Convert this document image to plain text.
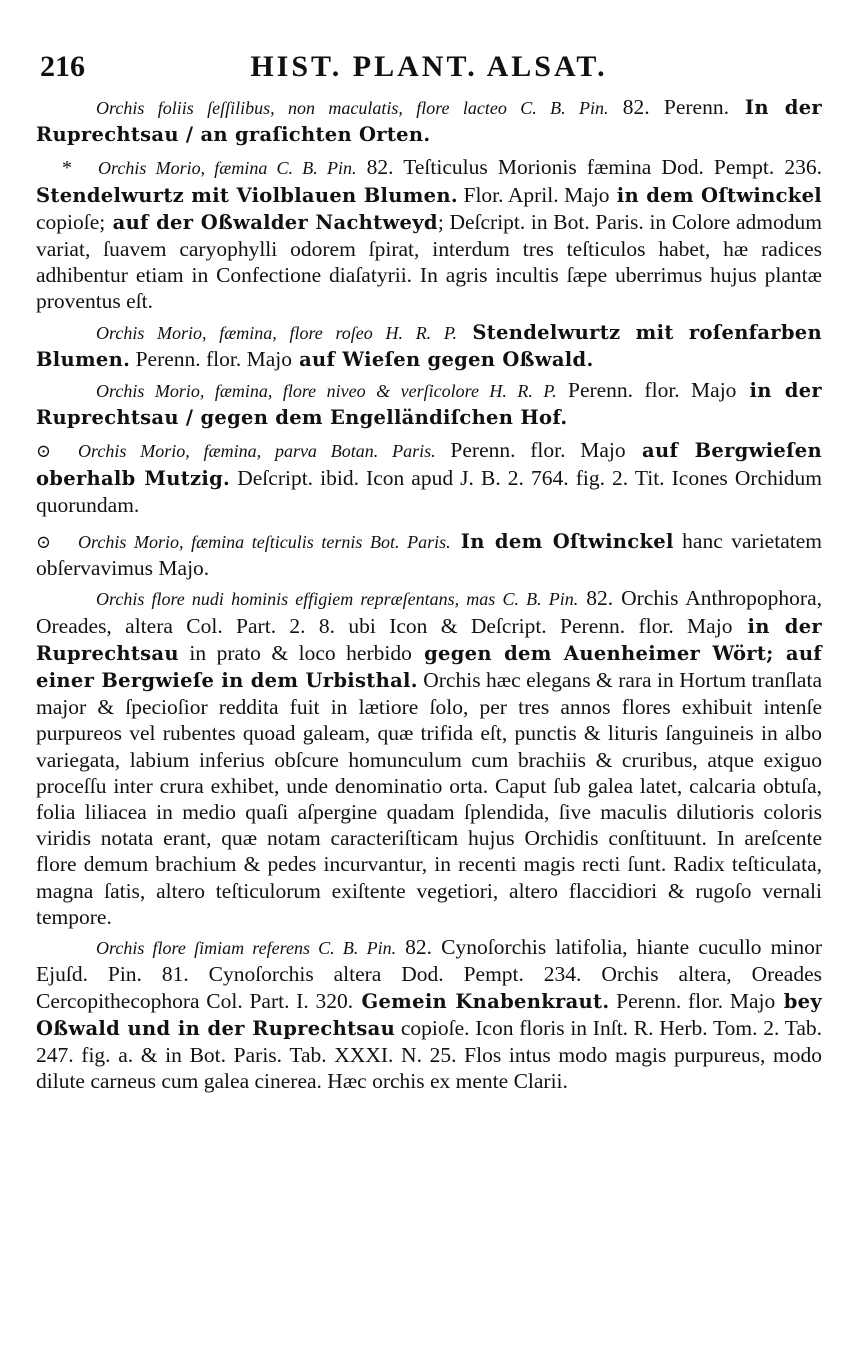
216	HIST. PLANT. ALSAT.

Orchis foliis ſeſſilibus, non maculatis, flore lacteo C. B. Pin. 82. Perenn. In der Ruprechtsau / an graſichten Orten.

* Orchis Morio, fæmina C. B. Pin. 82. Teſticulus Morionis fæmina Dod. Pempt. 236. Stendelwurtz mit Violblauen Blumen. Flor. April. Majo in dem Oſtwinckel copioſe; auf der Oßwalder Nachtweyd; Deſcript. in Bot. Paris. in Colore admodum variat, ſuavem caryophylli odorem ſpirat, interdum tres teſticulos habet, hæ radices adhibentur etiam in Confectione diaſatyrii. In agris incultis ſæpe uberrimus hujus plantæ proventus eſt.

Orchis Morio, fæmina, flore roſeo H. R. P. Stendelwurtz mit roſenfarben Blumen. Perenn. flor. Majo auf Wieſen gegen Oßwald.

Orchis Morio, fæmina, flore niveo & verſicolore H. R. P. Perenn. flor. Majo in der Ruprechtsau / gegen dem Engelländiſchen Hof.

⊙ Orchis Morio, fæmina, parva Botan. Paris. Perenn. flor. Majo auf Bergwieſen oberhalb Mutzig. Deſcript. ibid. Icon apud J. B. 2. 764. fig. 2. Tit. Icones Orchidum quorundam.

⊙ Orchis Morio, fæmina teſticulis ternis Bot. Paris. In dem Oſtwinckel hanc varietatem obſervavimus Majo.

Orchis flore nudi hominis effigiem repræſentans, mas C. B. Pin. 82. Orchis Anthropophora, Oreades, altera Col. Part. 2. 8. ubi Icon & Deſcript. Perenn. flor. Majo in der Ruprechtsau in prato & loco herbido gegen dem Auenheimer Wört; auf einer Bergwieſe in dem Urbisthal. Orchis hæc elegans & rara in Hortum tranſlata major & ſpecioſior reddita fuit in lætiore ſolo, per tres annos flores exhibuit intenſe purpureos vel rubentes quoad galeam, quæ trifida eſt, punctis & lituris ſanguineis in albo variegata, labium inferius obſcure homunculum cum brachiis & cruribus, atque exiguo proceſſu inter crura exhibet, unde denominatio orta. Caput ſub galea latet, calcaria obtuſa, folia liliacea in medio quaſi aſpergine quadam ſplendida, ſive maculis dilutioris coloris viridis notata erant, quæ notam caracteriſticam hujus Orchidis conſtituunt. In areſcente flore demum brachium & pedes incurvantur, in recenti magis recti ſunt. Radix teſticulata, magna ſatis, altero teſticulorum exiſtente vegetiori, altero flaccidiori & rugoſo vernali tempore.

Orchis flore ſimiam referens C. B. Pin. 82. Cynoſorchis latifolia, hiante cucullo minor Ejuſd. Pin. 81. Cynoſorchis altera Dod. Pempt. 234. Orchis altera, Oreades Cercopithecophora Col. Part. I. 320. Gemein Knabenkraut. Perenn. flor. Majo bey Oßwald und in der Ruprechtsau copioſe. Icon floris in Inſt. R. Herb. Tom. 2. Tab. 247. fig. a. & in Bot. Paris. Tab. XXXI. N. 25. Flos intus modo magis purpureus, modo dilute carneus cum galea cinerea. Hæc orchis ex mente Clarii.
